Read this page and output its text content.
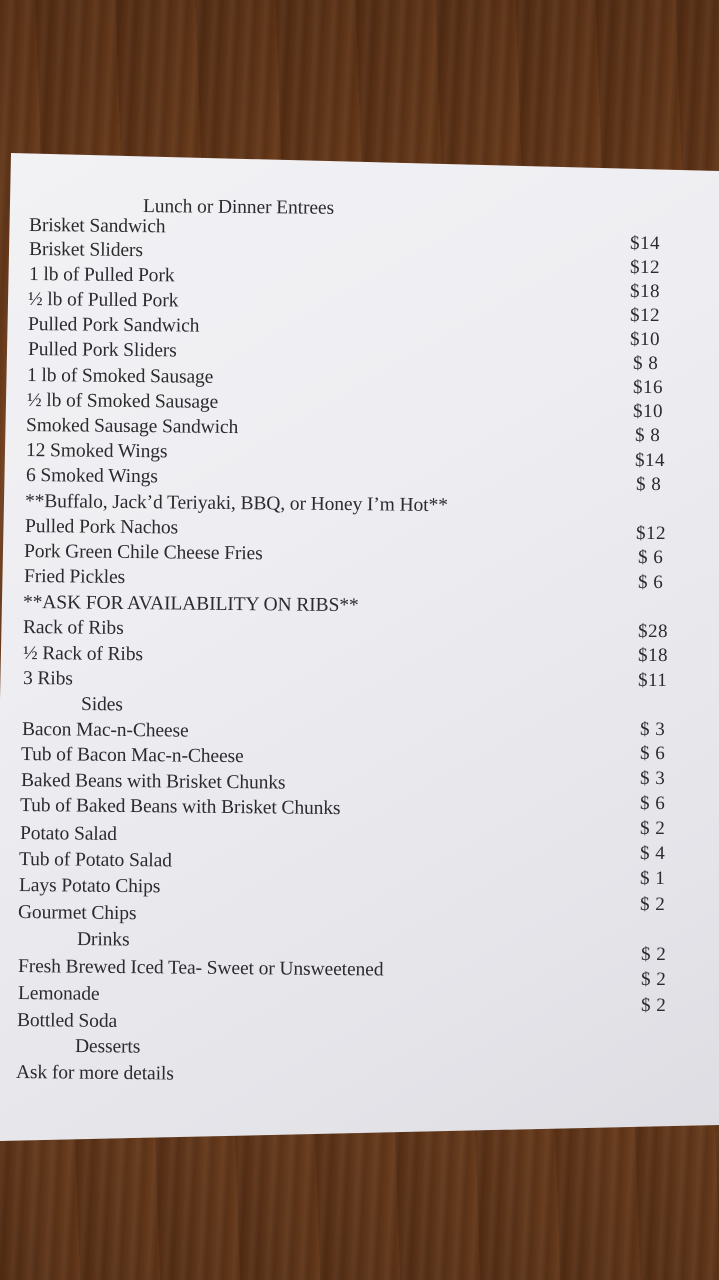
Lunch or Dinner Entrees
Brisket Sandwich
Brisket Sliders
1 lb of Pulled Pork
½ lb of Pulled Pork
Pulled Pork Sandwich
Pulled Pork Sliders
1 lb of Smoked Sausage
½ lb of Smoked Sausage
Smoked Sausage Sandwich
12 Smoked Wings
6 Smoked Wings
**Buffalo, Jack’d Teriyaki, BBQ, or Honey I’m Hot**
Pulled Pork Nachos
Pork Green Chile Cheese Fries
Fried Pickles
**ASK FOR AVAILABILITY ON RIBS**
Rack of Ribs
½ Rack of Ribs
3 Ribs
Sides
Bacon Mac-n-Cheese
Tub of Bacon Mac-n-Cheese
Baked Beans with Brisket Chunks
Tub of Baked Beans with Brisket Chunks
Potato Salad
Tub of Potato Salad
Lays Potato Chips
Gourmet Chips
Drinks
Fresh Brewed Iced Tea- Sweet or Unsweetened
Lemonade
Bottled Soda
Desserts
Ask for more details
$14
$12
$18
$12
$10
$ 8
$16
$10
$ 8
$14
$ 8
$12
$ 6
$ 6
$28
$18
$11
$ 3
$ 6
$ 3
$ 6
$ 2
$ 4
$ 1
$ 2
$ 2
$ 2
$ 2
